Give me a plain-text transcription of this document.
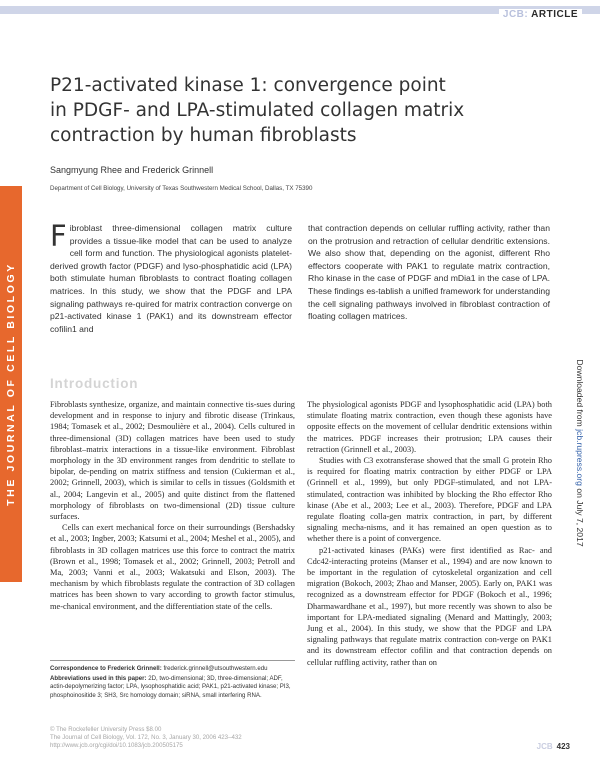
JCB: ARTICLE
THE JOURNAL OF CELL BIOLOGY
P21-activated kinase 1: convergence point
in PDGF- and LPA-stimulated collagen matrix
contraction by human fibroblasts
Sangmyung Rhee and Frederick Grinnell
Department of Cell Biology, University of Texas Southwestern Medical School, Dallas, TX 75390
Fibroblast three-dimensional collagen matrix culture provides a tissue-like model that can be used to analyze cell form and function. The physiological agonists platelet-derived growth factor (PDGF) and lyso-phosphatidic acid (LPA) both stimulate human fibroblasts to contract floating collagen matrices. In this study, we show that the PDGF and LPA signaling pathways re-quired for matrix contraction converge on p21-activated kinase 1 (PAK1) and its downstream effector cofilin1 and
that contraction depends on cellular ruffling activity, rather than on the protrusion and retraction of cellular dendritic extensions. We also show that, depending on the agonist, different Rho effectors cooperate with PAK1 to regulate matrix contraction, Rho kinase in the case of PDGF and mDia1 in the case of LPA. These findings es-tablish a unified framework for understanding the cell signaling pathways involved in fibroblast contraction of floating collagen matrices.
Downloaded from jcb.rupress.org on July 7, 2017
Introduction

Fibroblasts synthesize, organize, and maintain connective tis-sues during development and in response to injury and fibrotic disease (Trinkaus, 1984; Tomasek et al., 2002; Desmoulière et al., 2004). Cells cultured in three-dimensional (3D) collagen matrices have been used to study fibroblast–matrix interactions in a tissue-like environment. Fibroblast morphology in the 3D environment ranges from dendritic to stellate to bipolar, de-pending on matrix stiffness and tension (Cukierman et al., 2002; Grinnell, 2003), which is similar to cells in tissues (Goldsmith et al., 2004; Langevin et al., 2005) and quite distinct from the flattened morphology of fibroblasts on two-dimensional (2D) tissue culture surfaces.

Cells can exert mechanical force on their surroundings (Bershadsky et al., 2003; Ingber, 2003; Katsumi et al., 2004; Meshel et al., 2005), and fibroblasts in 3D collagen matrices use this force to contract the matrix (Brown et al., 1998; Tomasek et al., 2002; Grinnell, 2003; Petroll and Ma, 2003; Vanni et al., 2003; Wakatsuki and Elson, 2003). The mechanism by which fibroblasts regulate the contraction of 3D collagen matrices has been shown to vary according to growth factor stimulus, me-chanical environment, and the differentiation state of the cells.

The physiological agonists PDGF and lysophosphatidic acid (LPA) both stimulate floating matrix contraction, even though these agonists have opposite effects on the movement of cellular dendritic extensions within the matrices. PDGF increases their protrusion; LPA causes their retraction (Grinnell et al., 2003).

Studies with C3 exotransferase showed that the small G protein Rho is required for floating matrix contraction by either PDGF or LPA (Grinnell et al., 1999), but only PDGF-stimulated, and not LPA-stimulated, contraction was inhibited by blocking the Rho effector Rho kinase (Abe et al., 2003; Lee et al., 2003). Therefore, PDGF and LPA regulate floating colla-gen matrix contraction, in part, by different signaling mecha-nisms, and it has remained an open question as to whether there is a point of convergence.

p21-activated kinases (PAKs) were first identified as Rac- and Cdc42-interacting proteins (Manser et al., 1994) and are now known to be important in the regulation of cytoskeletal organization and cell migration (Bokoch, 2003; Zhao and Manser, 2005). Early on, PAK1 was recognized as a downstream effector for PDGF (Bokoch et al., 1996; Dharmawardhane et al., 1997), but more recently was shown to also be important for LPA-mediated signaling (Menard and Mattingly, 2003; Jung et al., 2004). In this study, we show that the PDGF and LPA signaling pathways that regulate matrix contraction con-verge on PAK1 and its downstream effector cofilin and that contraction depends on cellular ruffling activity, rather than on

Correspondence to Frederick Grinnell: frederick.grinnell@utsouthwestern.edu
Abbreviations used in this paper: 2D, two-dimensional; 3D, three-dimensional; ADF, actin-depolymerizing factor; LPA, lysophosphatidic acid; PAK1, p21-activated kinase; PI3, phosphoinositide 3; SH3, Src homology domain; siRNA, small interfering RNA.
© The Rockefeller University Press $8.00
The Journal of Cell Biology, Vol. 172, No. 3, January 30, 2006 423–432
http://www.jcb.org/cgi/doi/10.1083/jcb.200505175	JCB 423
